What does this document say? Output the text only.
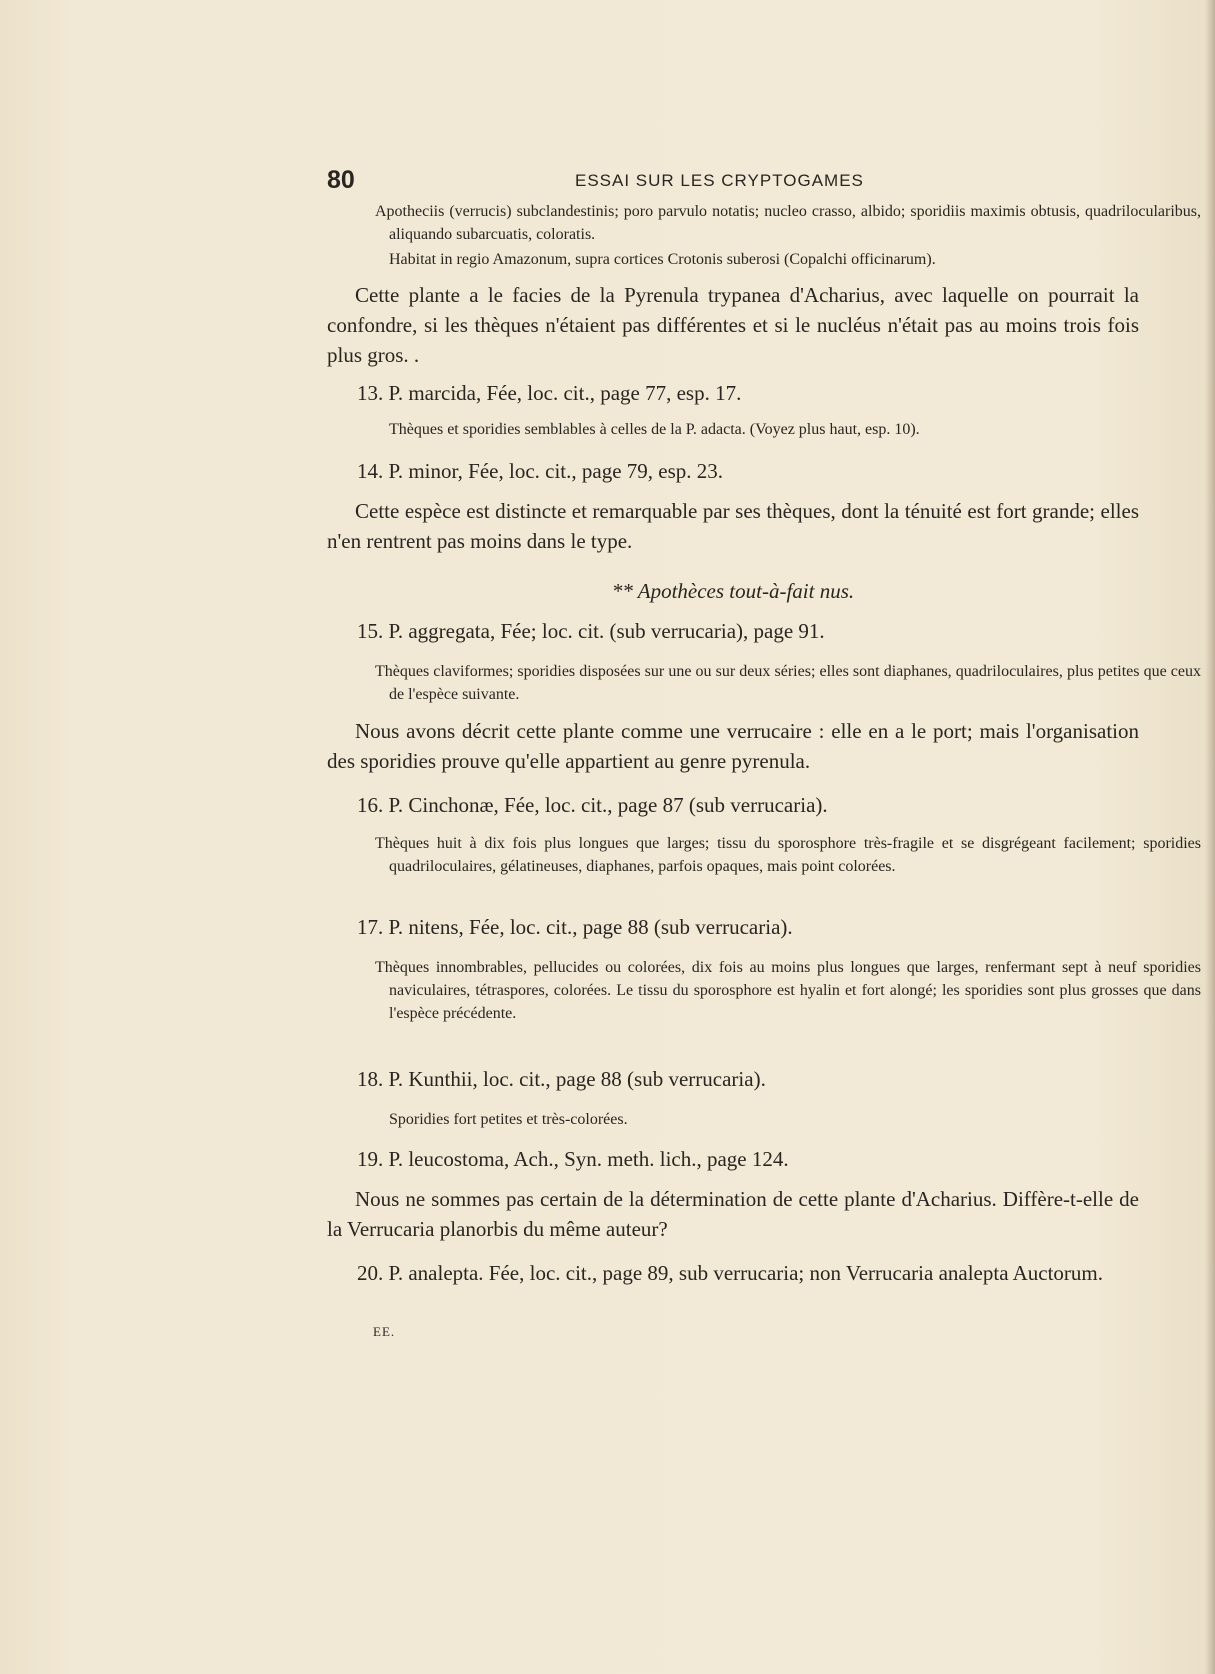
80	ESSAI SUR LES CRYPTOGAMES

Apotheciis (verrucis) subclandestinis; poro parvulo notatis; nucleo crasso, albido; sporidiis maximis obtusis, quadrilocularibus, aliquando subarcuatis, coloratis.

Habitat in regio Amazonum, supra cortices Crotonis suberosi (Copalchi officinarum).

Cette plante a le facies de la Pyrenula trypanea d'Acharius, avec laquelle on pourrait la confondre, si les thèques n'étaient pas différentes et si le nucléus n'était pas au moins trois fois plus gros. .

13. P. marcida, Fée, loc. cit., page 77, esp. 17.

Thèques et sporidies semblables à celles de la P. adacta. (Voyez plus haut, esp. 10).

14. P. minor, Fée, loc. cit., page 79, esp. 23.

Cette espèce est distincte et remarquable par ses thèques, dont la ténuité est fort grande; elles n'en rentrent pas moins dans le type.

** Apothèces tout-à-fait nus.

15. P. aggregata, Fée; loc. cit. (sub verrucaria), page 91.

Thèques claviformes; sporidies disposées sur une ou sur deux séries; elles sont diaphanes, quadriloculaires, plus petites que ceux de l'espèce suivante.

Nous avons décrit cette plante comme une verrucaire : elle en a le port; mais l'organisation des sporidies prouve qu'elle appartient au genre pyrenula.

16. P. Cinchonæ, Fée, loc. cit., page 87 (sub verrucaria).

Thèques huit à dix fois plus longues que larges; tissu du sporosphore très-fragile et se disgrégeant facilement; sporidies quadriloculaires, gélatineuses, diaphanes, parfois opaques, mais point colorées.

17. P. nitens, Fée, loc. cit., page 88 (sub verrucaria).

Thèques innombrables, pellucides ou colorées, dix fois au moins plus longues que larges, renfermant sept à neuf sporidies naviculaires, tétraspores, colorées. Le tissu du sporosphore est hyalin et fort alongé; les sporidies sont plus grosses que dans l'espèce précédente.

18. P. Kunthii, loc. cit., page 88 (sub verrucaria).

Sporidies fort petites et très-colorées.

19. P. leucostoma, Ach., Syn. meth. lich., page 124.

Nous ne sommes pas certain de la détermination de cette plante d'Acharius. Diffère-t-elle de la Verrucaria planorbis du même auteur?

20. P. analepta. Fée, loc. cit., page 89, sub verrucaria; non Verrucaria analepta Auctorum.

EE.
